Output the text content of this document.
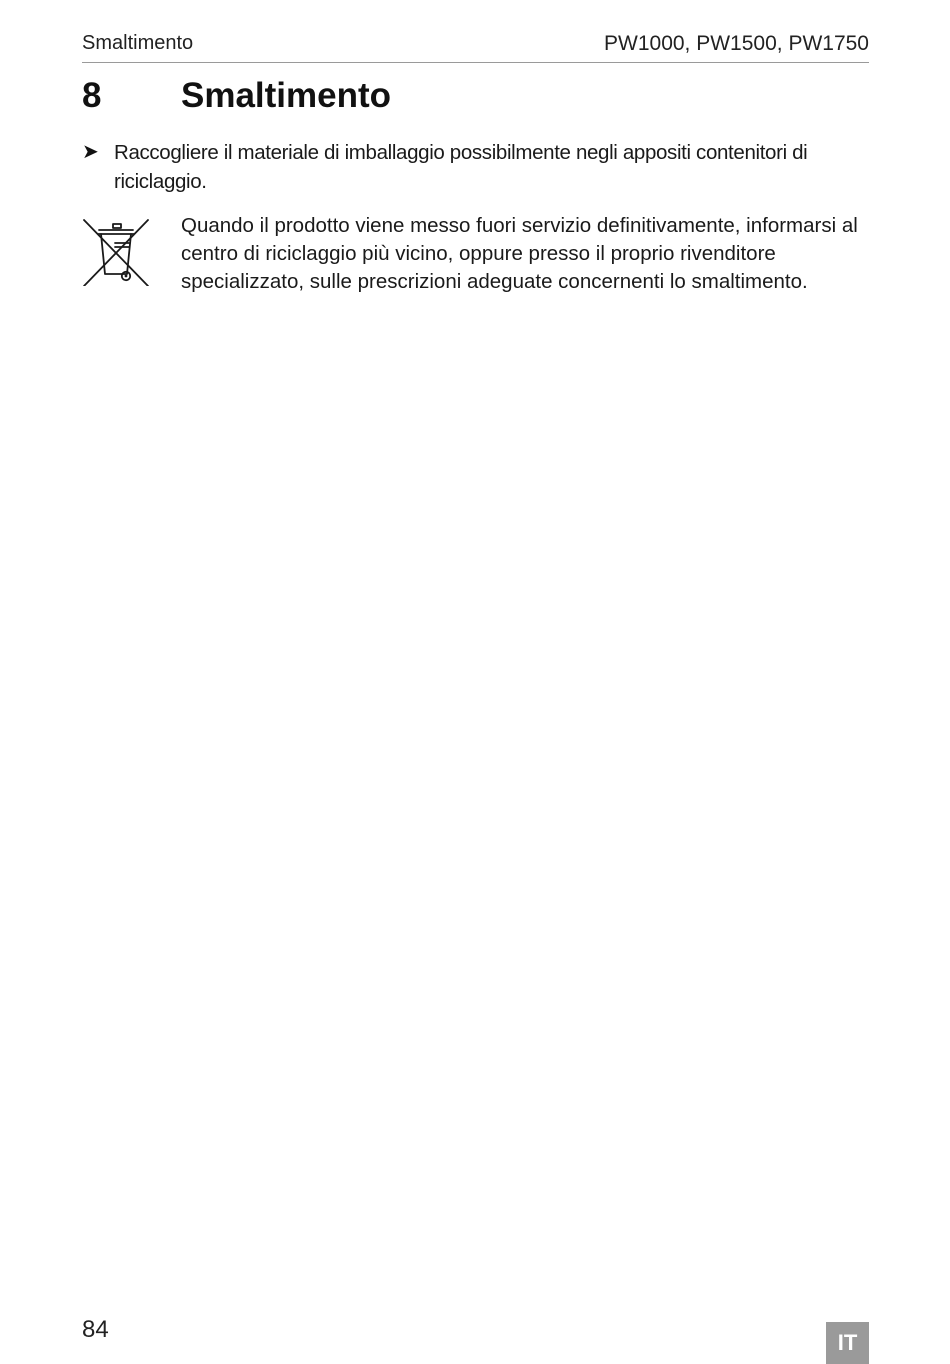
Smaltimento	PW1000, PW1500, PW1750
8 Smaltimento
➤ Raccogliere il materiale di imballaggio possibilmente negli appositi contenitori di riciclaggio.
Quando il prodotto viene messo fuori servizio definitivamente, informarsi al centro di riciclaggio più vicino, oppure presso il proprio rivenditore specializzato, sulle prescrizioni adeguate concernenti lo smaltimento.
84	IT
